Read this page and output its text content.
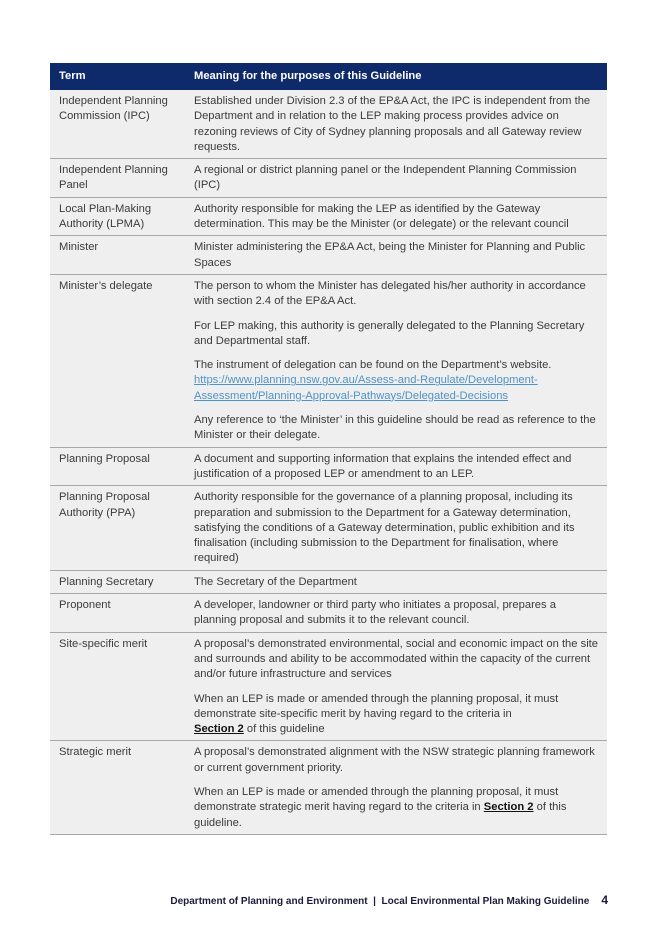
Term	Meaning for the purposes of this Guideline
Independent Planning Commission (IPC)	Established under Division 2.3 of the EP&A Act, the IPC is independent from the Department and in relation to the LEP making process provides advice on rezoning reviews of City of Sydney planning proposals and all Gateway review requests.

Independent Planning Panel	A regional or district planning panel or the Independent Planning Commission (IPC)

Local Plan-Making Authority (LPMA)	Authority responsible for making the LEP as identified by the Gateway determination. This may be the Minister (or delegate) or the relevant council

Minister	Minister administering the EP&A Act, being the Minister for Planning and Public Spaces

Minister’s delegate	The person to whom the Minister has delegated his/her authority in accordance with section 2.4 of the EP&A Act.

For LEP making, this authority is generally delegated to the Planning Secretary and Departmental staff.

The instrument of delegation can be found on the Department’s website.
https://www.planning.nsw.gov.au/Assess-and-Regulate/Development-Assessment/Planning-Approval-Pathways/Delegated-Decisions

Any reference to ‘the Minister’ in this guideline should be read as reference to the Minister or their delegate.

Planning Proposal	A document and supporting information that explains the intended effect and justification of a proposed LEP or amendment to an LEP.

Planning Proposal Authority (PPA)	Authority responsible for the governance of a planning proposal, including its preparation and submission to the Department for a Gateway determination, satisfying the conditions of a Gateway determination, public exhibition and its finalisation (including submission to the Department for finalisation, where required)

Planning Secretary	The Secretary of the Department

Proponent	A developer, landowner or third party who initiates a proposal, prepares a planning proposal and submits it to the relevant council.

Site-specific merit	A proposal’s demonstrated environmental, social and economic impact on the site and surrounds and ability to be accommodated within the capacity of the current and/or future infrastructure and services

When an LEP is made or amended through the planning proposal, it must demonstrate site-specific merit by having regard to the criteria in
Section 2 of this guideline

Strategic merit	A proposal’s demonstrated alignment with the NSW strategic planning framework or current government priority.

When an LEP is made or amended through the planning proposal, it must demonstrate strategic merit having regard to the criteria in Section 2 of this guideline.

Department of Planning and Environment  |  Local Environmental Plan Making Guideline 4
